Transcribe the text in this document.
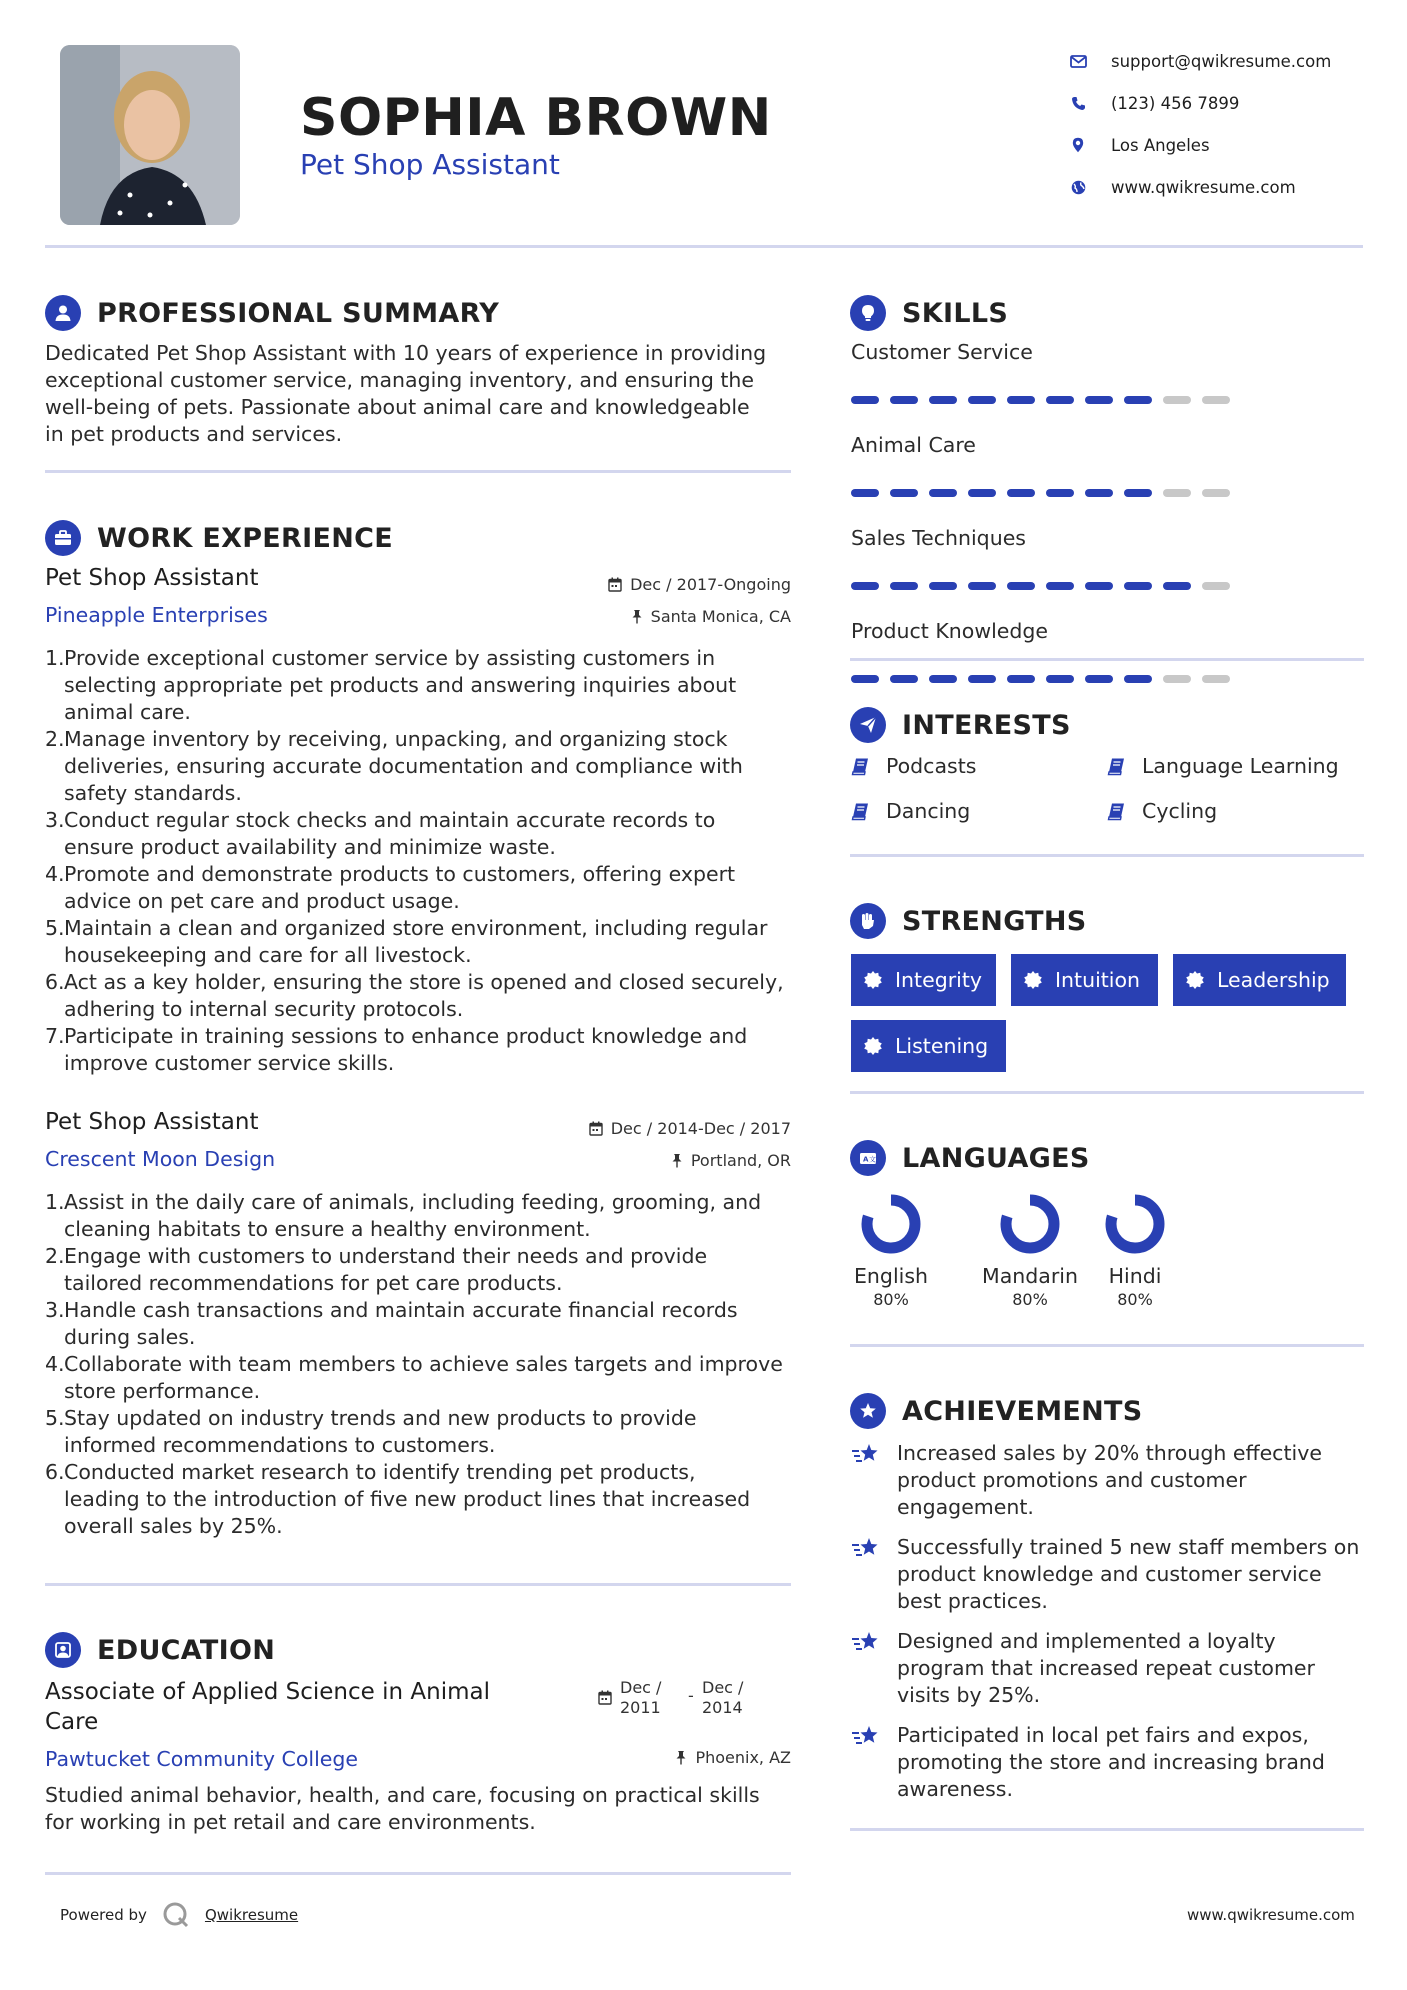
SOPHIA BROWN
Pet Shop Assistant
support@qwikresume.com
(123) 456 7899
Los Angeles
www.qwikresume.com
PROFESSIONAL SUMMARY
Dedicated Pet Shop Assistant with 10 years of experience in providing
exceptional customer service, managing inventory, and ensuring the
well-being of pets. Passionate about animal care and knowledgeable
in pet products and services.
WORK EXPERIENCE
Pet Shop Assistant	Dec / 2017-Ongoing
Pineapple Enterprises	Santa Monica, CA
1. Provide exceptional customer service by assisting customers in
selecting appropriate pet products and answering inquiries about
animal care.
2. Manage inventory by receiving, unpacking, and organizing stock
deliveries, ensuring accurate documentation and compliance with
safety standards.
3. Conduct regular stock checks and maintain accurate records to
ensure product availability and minimize waste.
4. Promote and demonstrate products to customers, offering expert
advice on pet care and product usage.
5. Maintain a clean and organized store environment, including regular
housekeeping and care for all livestock.
6. Act as a key holder, ensuring the store is opened and closed securely,
adhering to internal security protocols.
7. Participate in training sessions to enhance product knowledge and
improve customer service skills.
Pet Shop Assistant	Dec / 2014-Dec / 2017
Crescent Moon Design	Portland, OR
1. Assist in the daily care of animals, including feeding, grooming, and
cleaning habitats to ensure a healthy environment.
2. Engage with customers to understand their needs and provide
tailored recommendations for pet care products.
3. Handle cash transactions and maintain accurate financial records
during sales.
4. Collaborate with team members to achieve sales targets and improve
store performance.
5. Stay updated on industry trends and new products to provide
informed recommendations to customers.
6. Conducted market research to identify trending pet products,
leading to the introduction of five new product lines that increased
overall sales by 25%.
EDUCATION
Associate of Applied Science in Animal
Care
Dec /
2011
- Dec /
2014
Pawtucket Community College	Phoenix, AZ
Studied animal behavior, health, and care, focusing on practical skills
for working in pet retail and care environments.
SKILLS
Customer Service
Animal Care
Sales Techniques
Product Knowledge
INTERESTS
Podcasts	Language Learning
Dancing	Cycling
STRENGTHS
Integrity	Intuition	Leadership
Listening
A 文 LANGUAGES
English
80%
Mandarin
80%
Hindi
80%
ACHIEVEMENTS
Increased sales by 20% through effective
product promotions and customer
engagement.
Successfully trained 5 new staff members on
product knowledge and customer service
best practices.
Designed and implemented a loyalty
program that increased repeat customer
visits by 25%.
Participated in local pet fairs and expos,
promoting the store and increasing brand
awareness.
Powered by	Qwikresume	www.qwikresume.com
